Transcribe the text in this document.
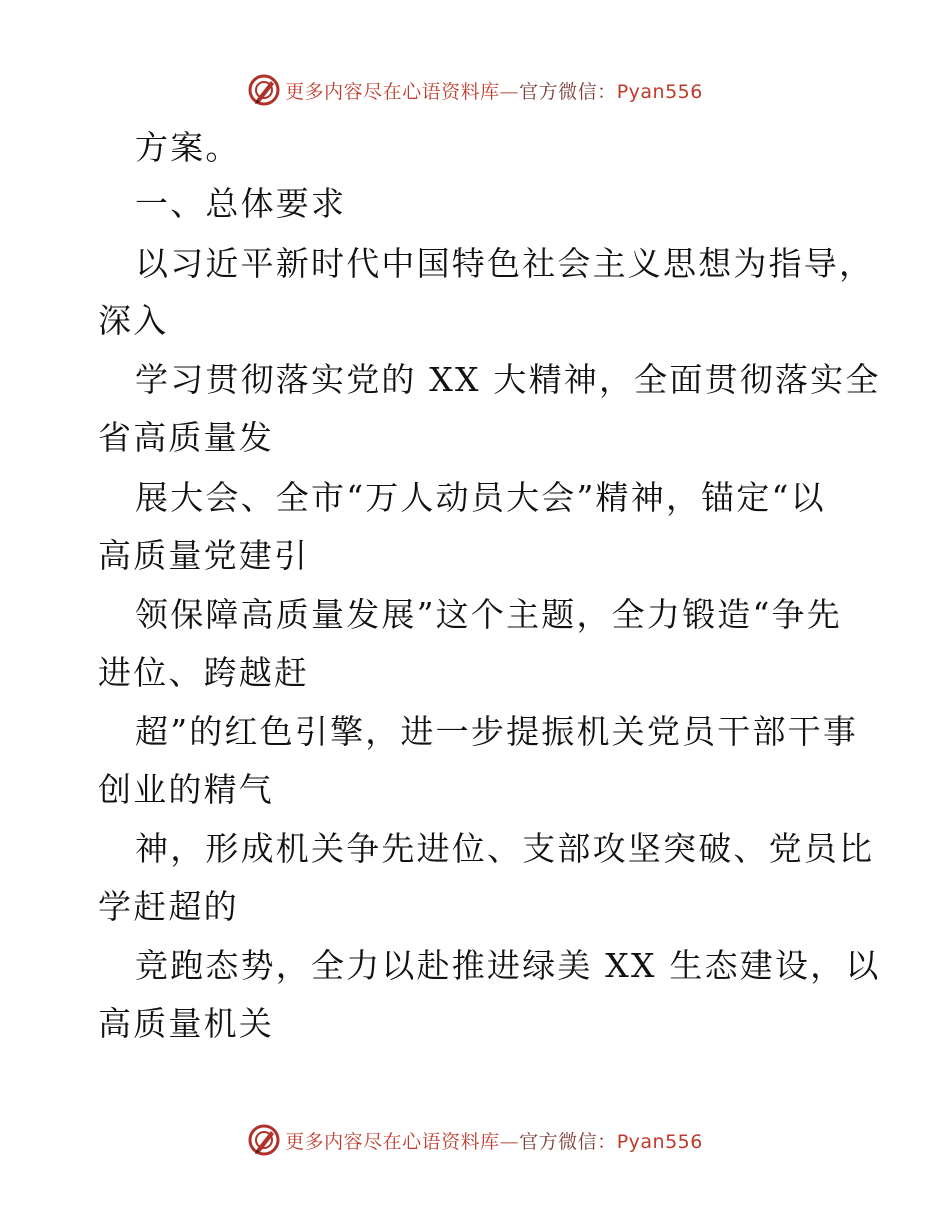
更多内容尽在心语资料库—官方微信：Pyan556
方案。
一、总体要求
以习近平新时代中国特色社会主义思想为指导，
深入
学习贯彻落实党的 XX 大精神，全面贯彻落实全
省高质量发
展大会、全市“万人动员大会”精神，锚定“以
高质量党建引
领保障高质量发展”这个主题，全力锻造“争先
进位、跨越赶
超”的红色引擎，进一步提振机关党员干部干事
创业的精气
神，形成机关争先进位、支部攻坚突破、党员比
学赶超的
竞跑态势，全力以赴推进绿美 XX 生态建设，以
高质量机关
更多内容尽在心语资料库—官方微信：Pyan556
